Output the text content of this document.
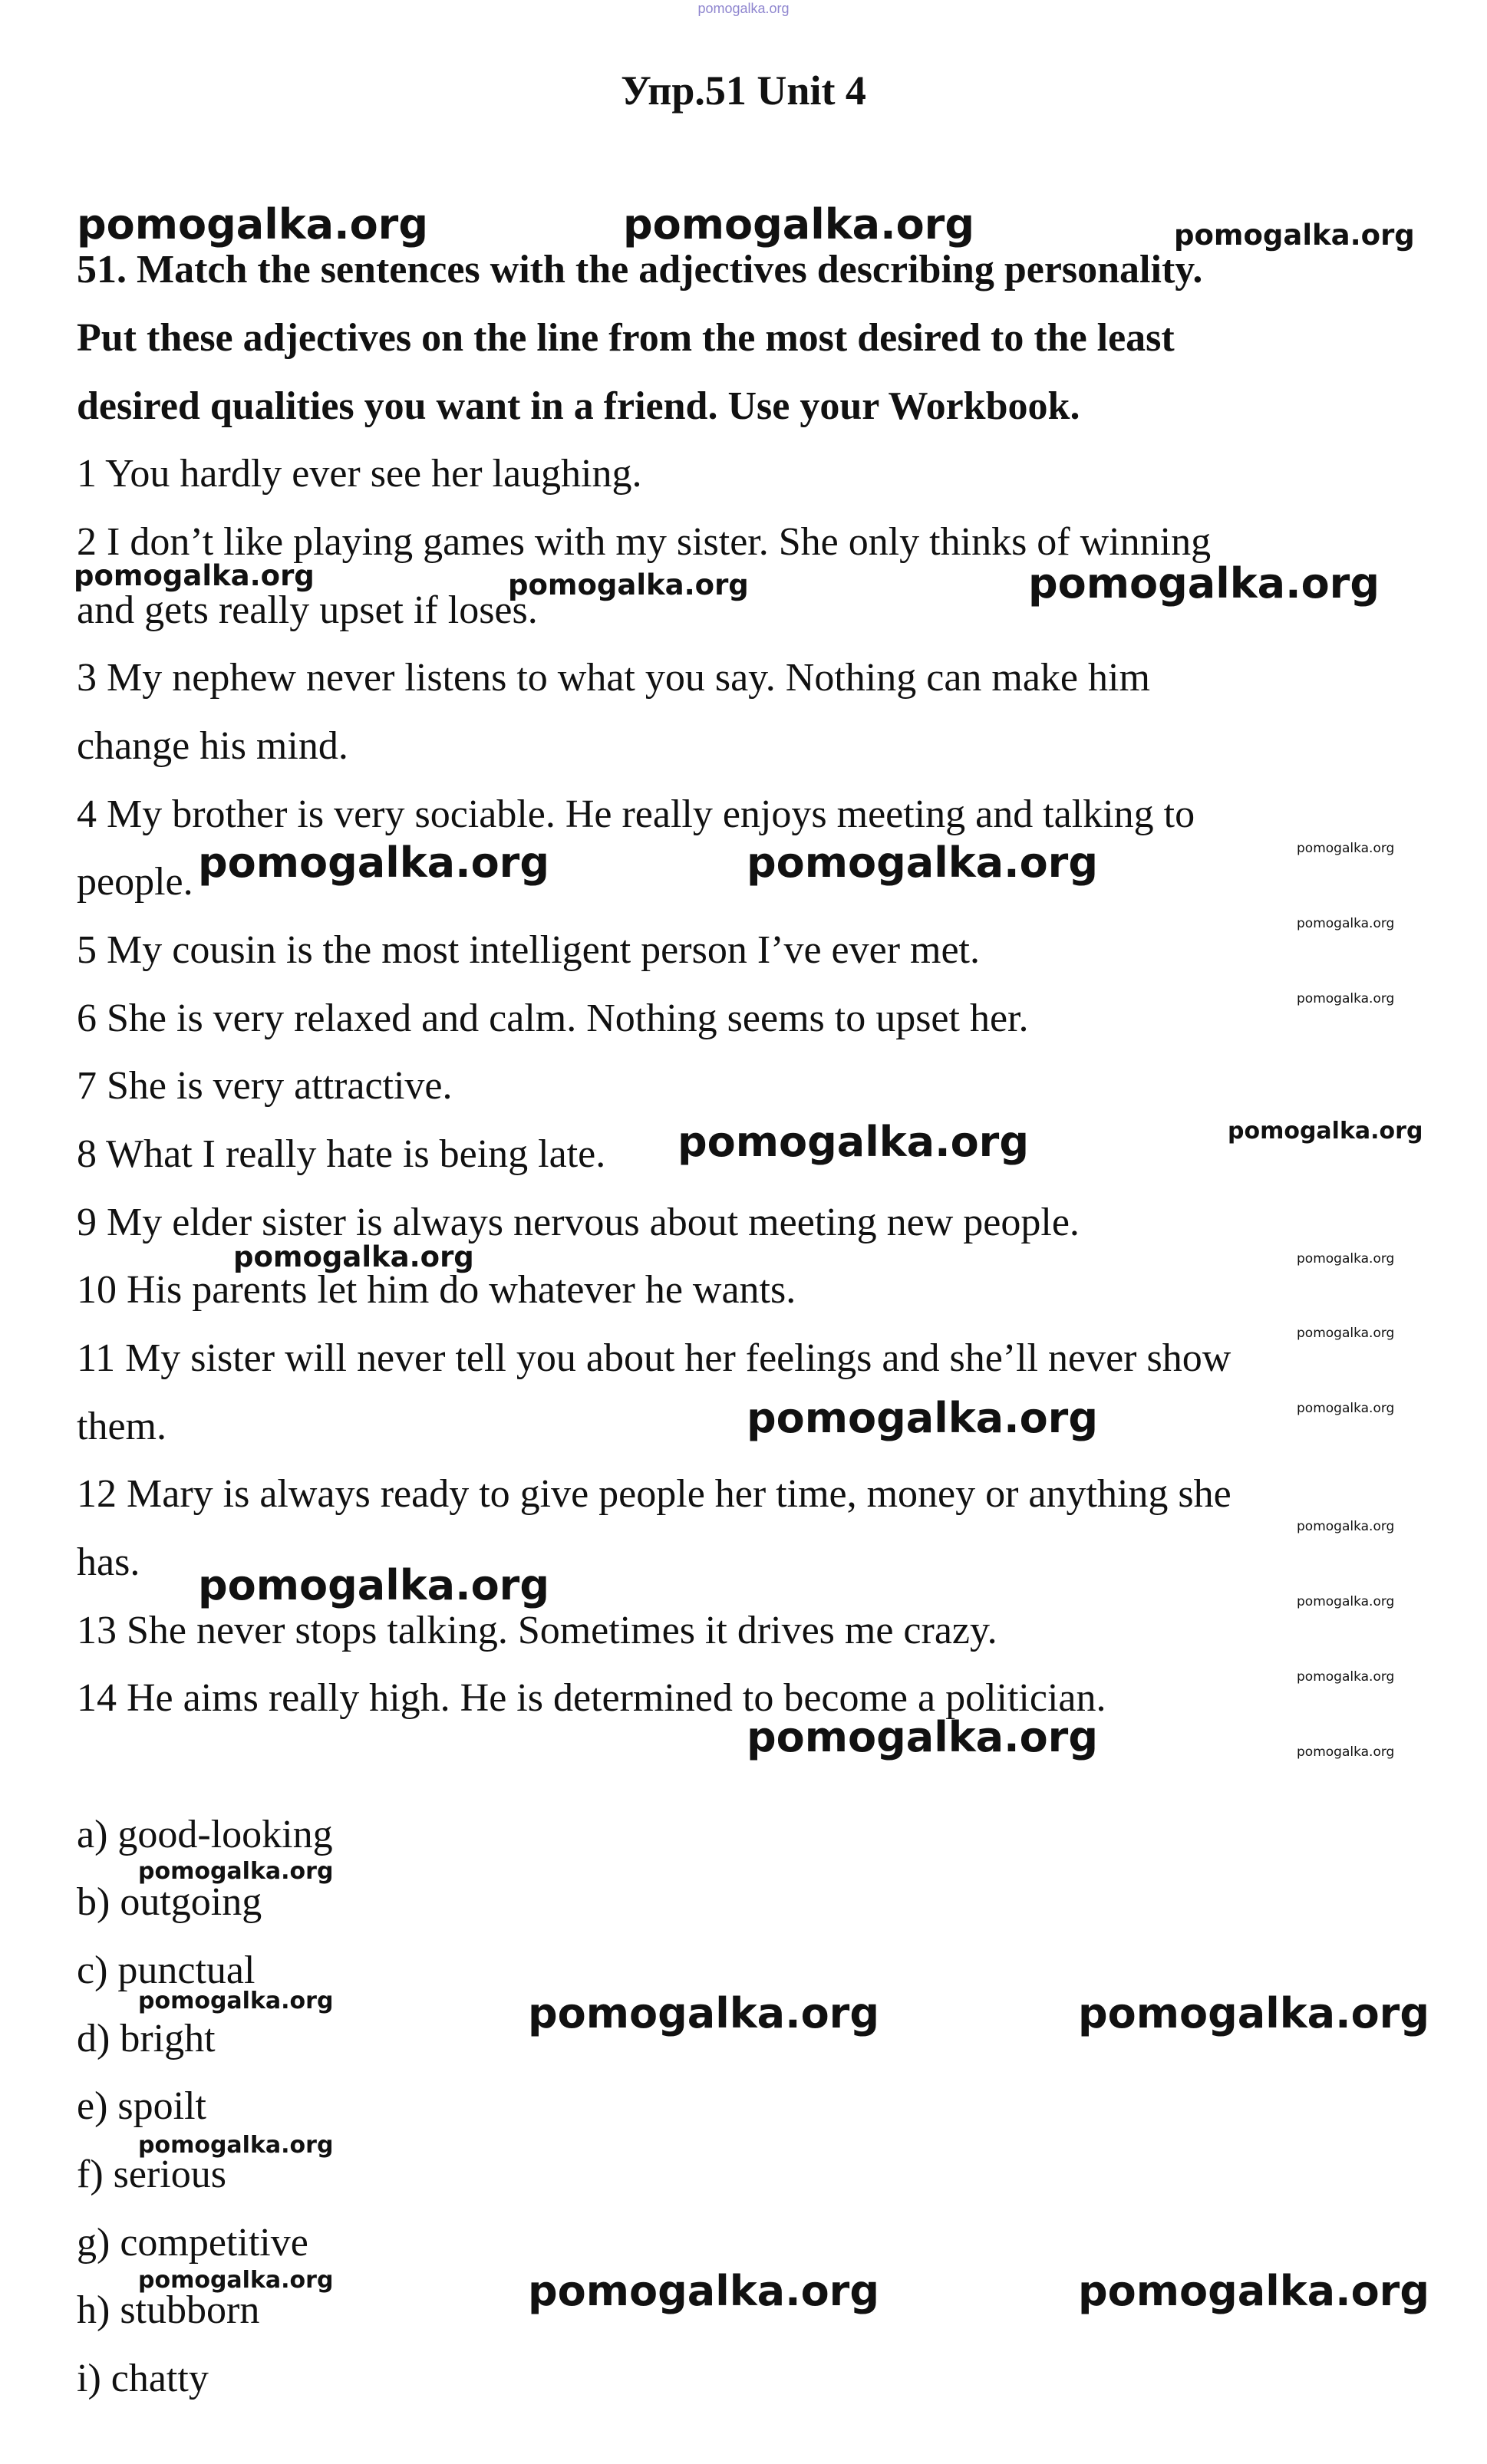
pomogalka.org
Упр.51 Unit 4
51. Match the sentences with the adjectives describing personality.
Put these adjectives on the line from the most desired to the least
desired qualities you want in a friend. Use your Workbook.
1 You hardly ever see her laughing.
2 I don’t like playing games with my sister. She only thinks of winning
and gets really upset if loses.
3 My nephew never listens to what you say. Nothing can make him
change his mind.
4 My brother is very sociable. He really enjoys meeting and talking to
people.
5 My cousin is the most intelligent person I’ve ever met.
6 She is very relaxed and calm. Nothing seems to upset her.
7 She is very attractive.
8 What I really hate is being late.
9 My elder sister is always nervous about meeting new people.
10 His parents let him do whatever he wants.
11 My sister will never tell you about her feelings and she’ll never show
them.
12 Mary is always ready to give people her time, money or anything she
has.
13 She never stops talking. Sometimes it drives me crazy.
14 He aims really high. He is determined to become a politician.
a) good-looking
b) outgoing
c) punctual
d) bright
e) spoilt
f) serious
g) competitive
h) stubborn
i) chatty
pomogalka.org	pomogalka.org	pomogalka.org
pomogalka.org	pomogalka.org	pomogalka.org
pomogalka.org	pomogalka.org	pomogalka.org
pomogalka.org
pomogalka.org
pomogalka.org	pomogalka.org
pomogalka.org	pomogalka.org
pomogalka.org
pomogalka.org	pomogalka.org
pomogalka.org
pomogalka.org	pomogalka.org
pomogalka.org
pomogalka.org	pomogalka.org
pomogalka.org
pomogalka.org	pomogalka.org	pomogalka.org
pomogalka.org
pomogalka.org	pomogalka.org	pomogalka.org
